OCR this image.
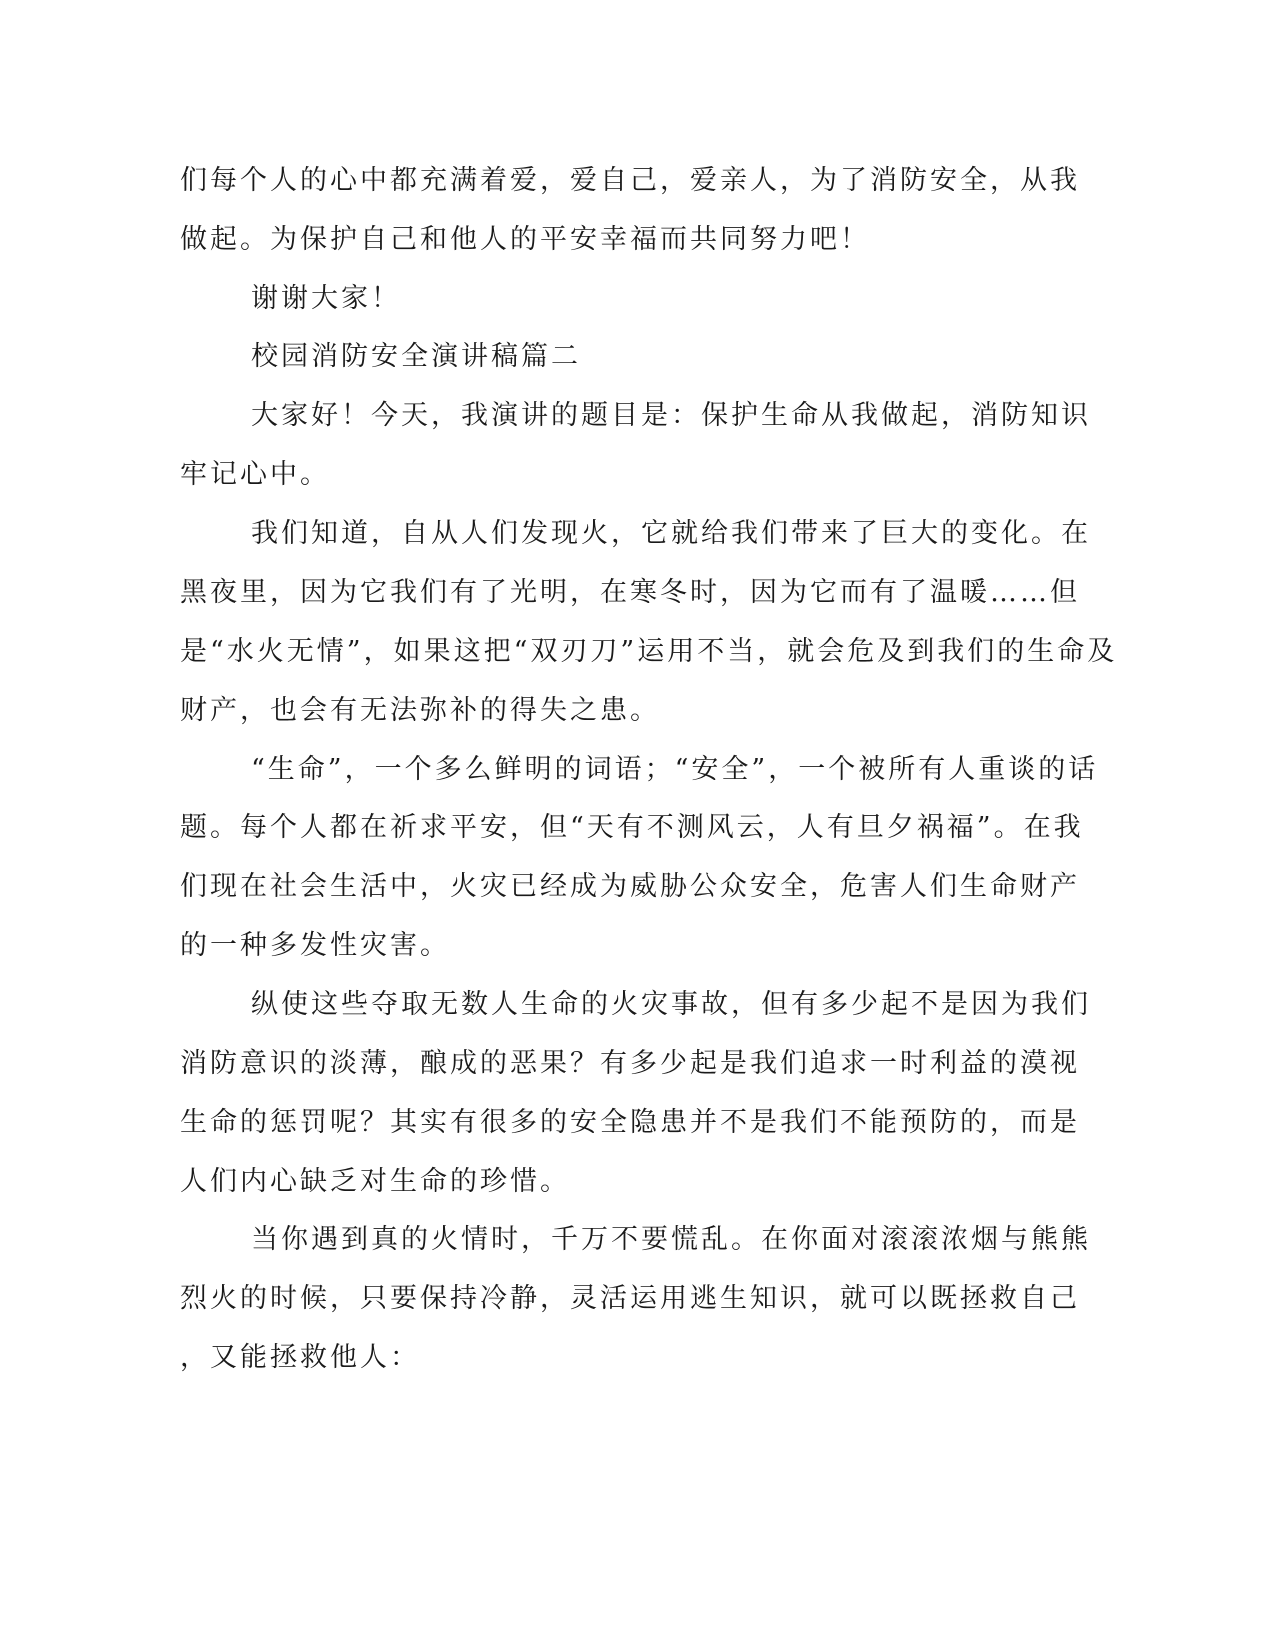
们每个人的心中都充满着爱，爱自己，爱亲人，为了消防安全，从我
做起。为保护自己和他人的平安幸福而共同努力吧！
谢谢大家！
校园消防安全演讲稿篇二
大家好！今天，我演讲的题目是：保护生命从我做起，消防知识
牢记心中。
我们知道，自从人们发现火，它就给我们带来了巨大的变化。在
黑夜里，因为它我们有了光明，在寒冬时，因为它而有了温暖……但
是“水火无情”，如果这把“双刃刀”运用不当，就会危及到我们的生命及
财产，也会有无法弥补的得失之患。
“生命”，一个多么鲜明的词语；“安全”，一个被所有人重谈的话
题。每个人都在祈求平安，但“天有不测风云，人有旦夕祸福”。在我
们现在社会生活中，火灾已经成为威胁公众安全，危害人们生命财产
的一种多发性灾害。
纵使这些夺取无数人生命的火灾事故，但有多少起不是因为我们
消防意识的淡薄，酿成的恶果？有多少起是我们追求一时利益的漠视
生命的惩罚呢？其实有很多的安全隐患并不是我们不能预防的，而是
人们内心缺乏对生命的珍惜。
当你遇到真的火情时，千万不要慌乱。在你面对滚滚浓烟与熊熊
烈火的时候，只要保持冷静，灵活运用逃生知识，就可以既拯救自己
，又能拯救他人：
